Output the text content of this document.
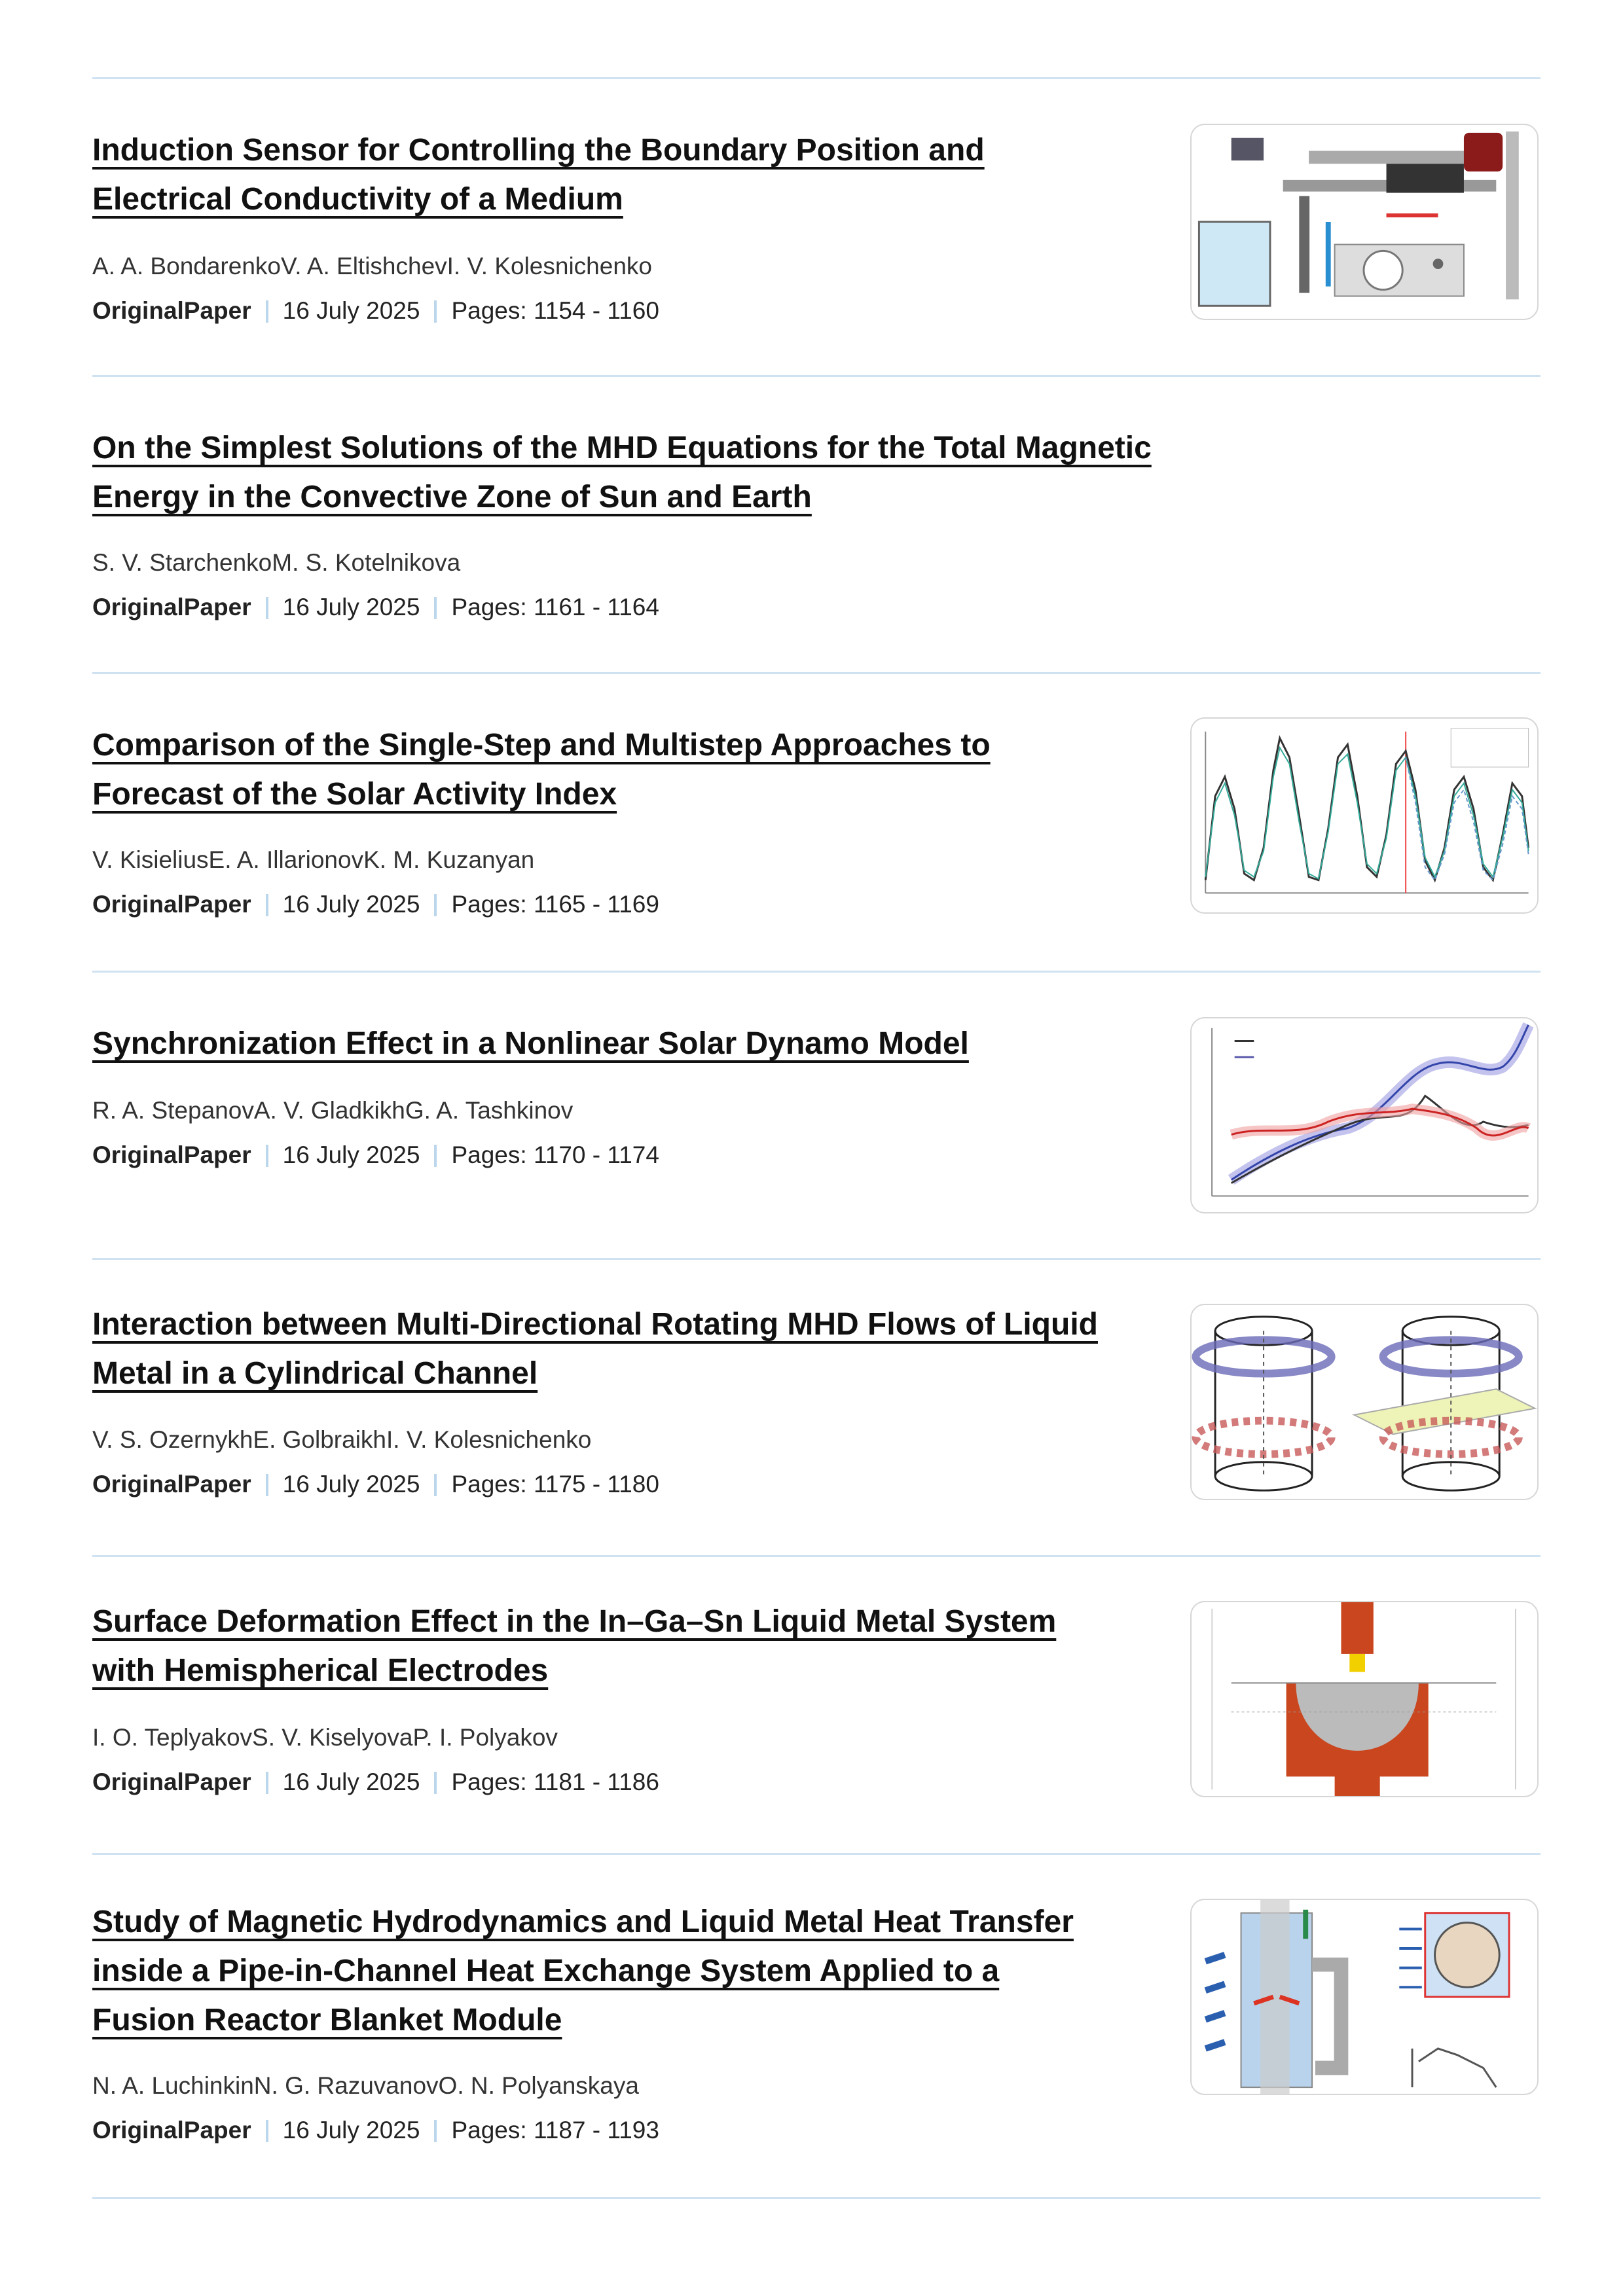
Induction Sensor for Controlling the Boundary Position and
Electrical Conductivity of a Medium
A. A. BondarenkoV. A. EltishchevI. V. Kolesnichenko
OriginalPaper 16 July 2025 Pages: 1154 - 1160
On the Simplest Solutions of the MHD Equations for the Total Magnetic
Energy in the Convective Zone of Sun and Earth
S. V. StarchenkoM. S. Kotelnikova
OriginalPaper 16 July 2025 Pages: 1161 - 1164
Comparison of the Single-Step and Multistep Approaches to
Forecast of the Solar Activity Index
V. KisieliusE. A. IllarionovK. M. Kuzanyan
OriginalPaper 16 July 2025 Pages: 1165 - 1169
Synchronization Effect in a Nonlinear Solar Dynamo Model
R. A. StepanovA. V. GladkikhG. A. Tashkinov
OriginalPaper 16 July 2025 Pages: 1170 - 1174
Interaction between Multi-Directional Rotating MHD Flows of Liquid
Metal in a Cylindrical Channel
V. S. OzernykhE. GolbraikhI. V. Kolesnichenko
OriginalPaper 16 July 2025 Pages: 1175 - 1180
Surface Deformation Effect in the In–Ga–Sn Liquid Metal System
with Hemispherical Electrodes
I. O. TeplyakovS. V. KiselyovaP. I. Polyakov
OriginalPaper 16 July 2025 Pages: 1181 - 1186
Study of Magnetic Hydrodynamics and Liquid Metal Heat Transfer
inside a Pipe-in-Channel Heat Exchange System Applied to a
Fusion Reactor Blanket Module
N. A. LuchinkinN. G. RazuvanovO. N. Polyanskaya
OriginalPaper 16 July 2025 Pages: 1187 - 1193
